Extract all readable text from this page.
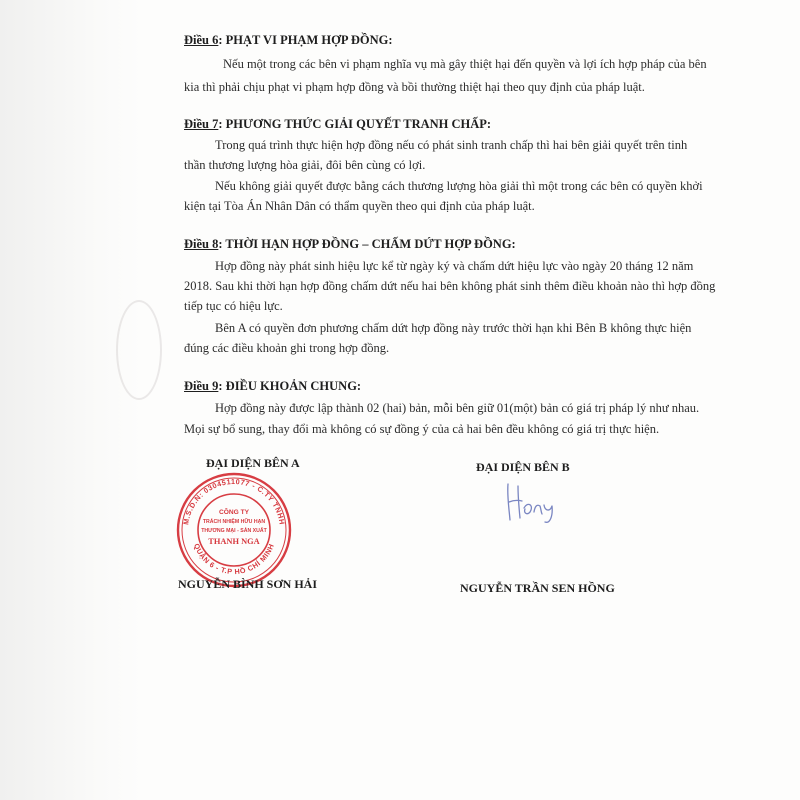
Điều 6: PHẠT VI PHẠM HỢP ĐỒNG:
Nếu một trong các bên vi phạm nghĩa vụ mà gây thiệt hại đến quyền và lợi ích hợp pháp của bên
kia thì phải chịu phạt vi phạm hợp đồng và bồi thường thiệt hại theo quy định của pháp luật.
Điều 7: PHƯƠNG THỨC GIẢI QUYẾT TRANH CHẤP:
Trong quá trình thực hiện hợp đồng nếu có phát sinh tranh chấp thì hai bên giải quyết trên tinh
thần thương lượng hòa giải, đôi bên cùng có lợi.
Nếu không giải quyết được bằng cách thương lượng hòa giải thì một trong các bên có quyền khởi
kiện tại Tòa Án Nhân Dân có thẩm quyền theo qui định của pháp luật.
Điều 8: THỜI HẠN HỢP ĐỒNG – CHẤM DỨT HỢP ĐỒNG:
Hợp đồng này phát sinh hiệu lực kể từ ngày ký và chấm dứt hiệu lực vào ngày 20 tháng 12 năm
2018. Sau khi thời hạn hợp đồng chấm dứt nếu hai bên không phát sinh thêm điều khoản nào thì hợp đồng
tiếp tục có hiệu lực.
Bên A có quyền đơn phương chấm dứt hợp đồng này trước thời hạn khi Bên B không thực hiện
đúng các điều khoản ghi trong hợp đồng.
Điều 9: ĐIỀU KHOẢN CHUNG:
Hợp đồng này được lập thành 02 (hai) bản, mỗi bên giữ 01(một) bản có giá trị pháp lý như nhau.
Mọi sự bổ sung, thay đổi mà không có sự đồng ý của cả hai bên đều không có giá trị thực hiện.
ĐẠI DIỆN BÊN A	ĐẠI DIỆN BÊN B
M.S.D.N: 0304511077 - C.TY TNHH
QUẬN 6 - T.P HỒ CHÍ MINH
CÔNG TY
TRÁCH NHIỆM HỮU HẠN
THƯƠNG MẠI - SẢN XUẤT
THANH NGA
NGUYỄN BÌNH SƠN HẢI	NGUYỄN TRẦN SEN HỒNG
